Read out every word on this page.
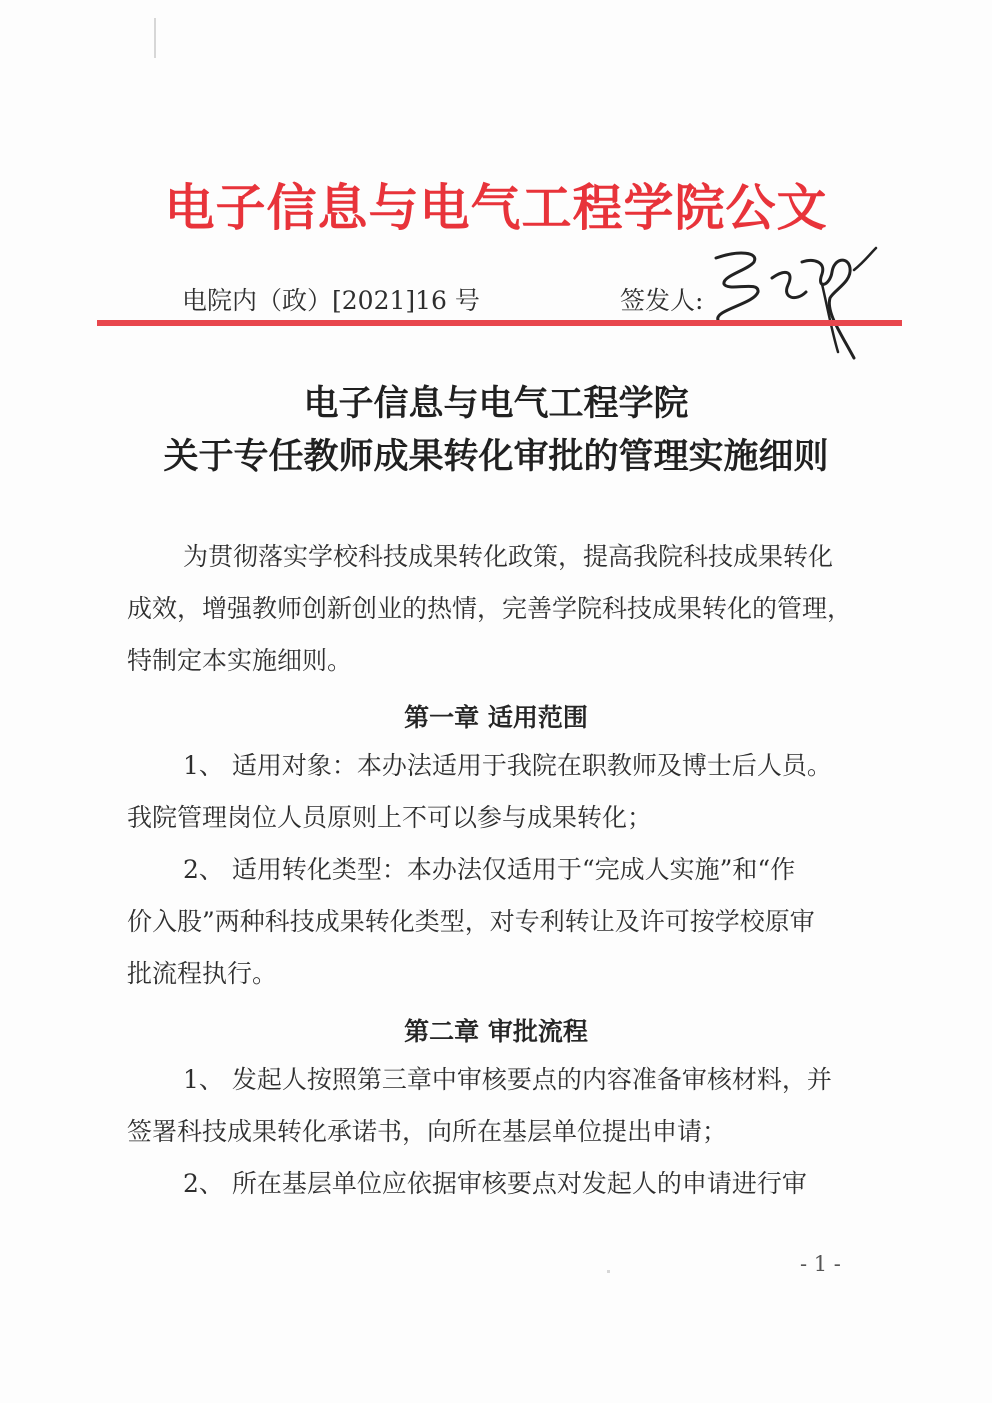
电子信息与电气工程学院公文
电院内（政）[2021]16 号	签发人:
电子信息与电气工程学院
关于专任教师成果转化审批的管理实施细则
为贯彻落实学校科技成果转化政策，提高我院科技成果转化
成效，增强教师创新创业的热情，完善学院科技成果转化的管理，
特制定本实施细则。
第一章 适用范围
1、 适用对象：本办法适用于我院在职教师及博士后人员。
我院管理岗位人员原则上不可以参与成果转化；
2、 适用转化类型：本办法仅适用于“完成人实施”和“作
价入股”两种科技成果转化类型，对专利转让及许可按学校原审
批流程执行。
第二章 审批流程
1、 发起人按照第三章中审核要点的内容准备审核材料，并
签署科技成果转化承诺书，向所在基层单位提出申请；
2、 所在基层单位应依据审核要点对发起人的申请进行审
- 1 -
